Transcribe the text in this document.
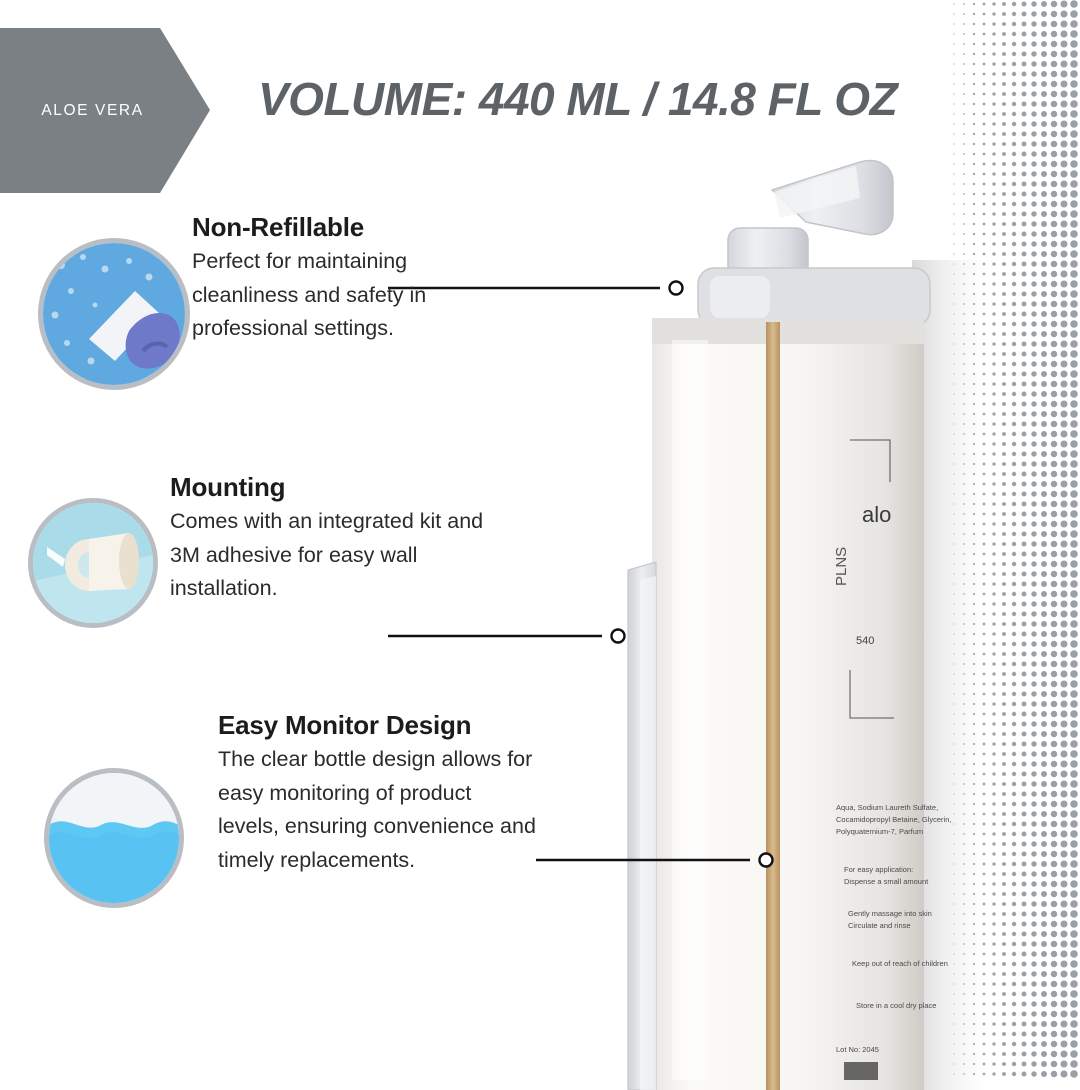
ALOE VERA	VOLUME: 440 ML / 14.8 FL OZ
alo
PLNS
Aqua, Sodium Laureth Sulfate,
Cocamidopropyl Betaine, Glycerin,
Polyquaternium-7, Parfum
For easy application:
Dispense a small amount
Gently massage into skin
Circulate and rinse
Keep out of reach of children
Store in a cool dry place
Lot No: 2045
540

Non-Refillable

Perfect for maintaining cleanliness and safety in professional settings.

Mounting

Comes with an integrated kit and 3M adhesive for easy wall installation.

Easy Monitor Design

The clear bottle design allows for easy monitoring of product levels, ensuring convenience and timely replacements.
